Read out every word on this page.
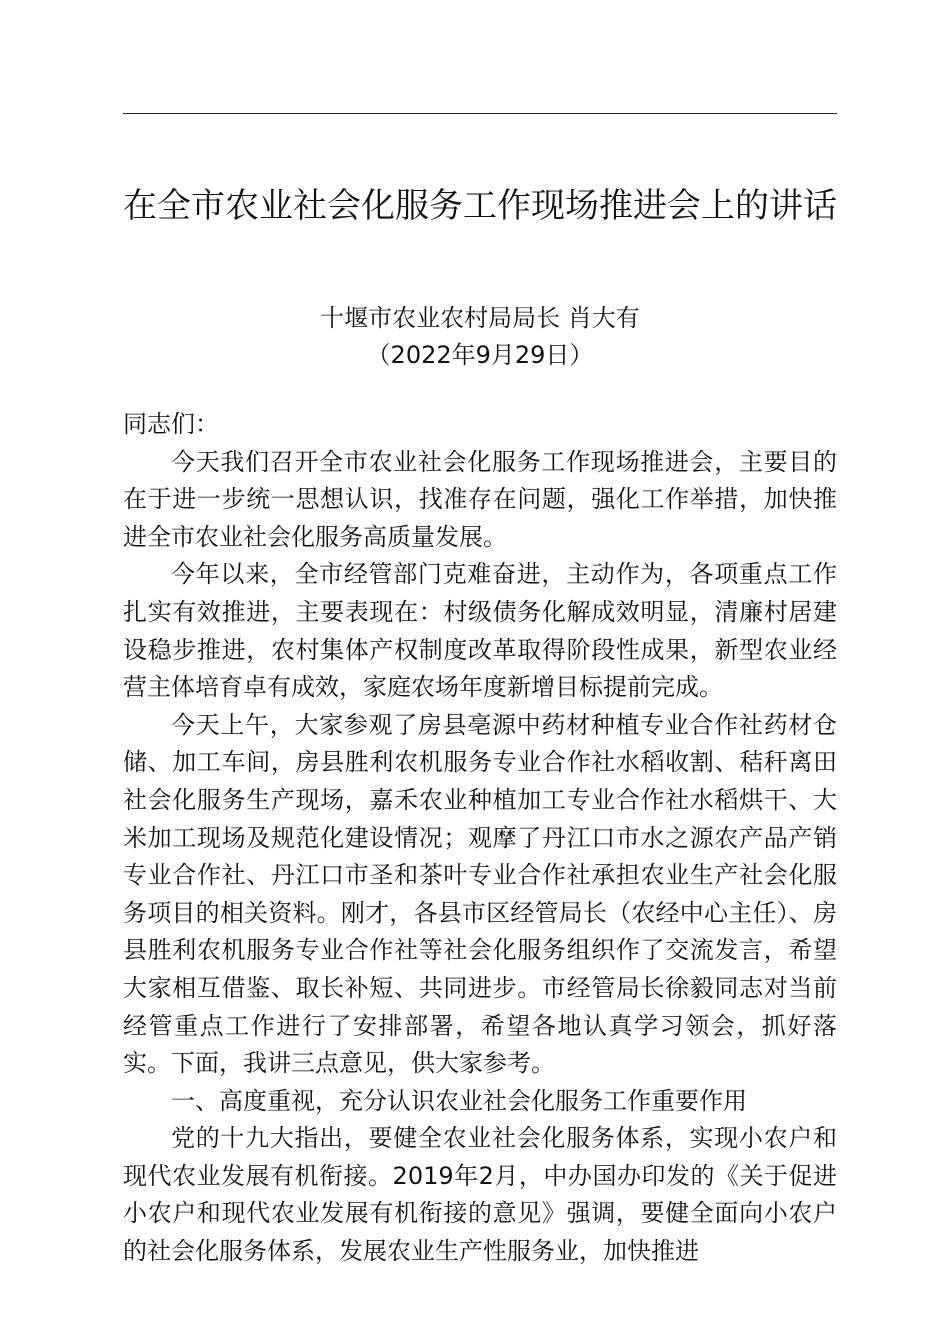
在全市农业社会化服务工作现场推进会上的讲话

十堰市农业农村局局长 肖大有

（2022年9月29日）

同志们：

今天我们召开全市农业社会化服务工作现场推进会，主要目的在于进一步统一思想认识，找准存在问题，强化工作举措，加快推进全市农业社会化服务高质量发展。

今年以来，全市经管部门克难奋进，主动作为，各项重点工作扎实有效推进，主要表现在：村级债务化解成效明显，清廉村居建设稳步推进，农村集体产权制度改革取得阶段性成果，新型农业经营主体培育卓有成效，家庭农场年度新增目标提前完成。

今天上午，大家参观了房县亳源中药材种植专业合作社药材仓储、加工车间，房县胜利农机服务专业合作社水稻收割、秸秆离田社会化服务生产现场，嘉禾农业种植加工专业合作社水稻烘干、大米加工现场及规范化建设情况；观摩了丹江口市水之源农产品产销专业合作社、丹江口市圣和茶叶专业合作社承担农业生产社会化服务项目的相关资料。刚才，各县市区经管局长（农经中心主任）、房县胜利农机服务专业合作社等社会化服务组织作了交流发言，希望大家相互借鉴、取长补短、共同进步。市经管局长徐毅同志对当前经管重点工作进行了安排部署，希望各地认真学习领会，抓好落实。下面，我讲三点意见，供大家参考。

一、高度重视，充分认识农业社会化服务工作重要作用

党的十九大指出，要健全农业社会化服务体系，实现小农户和现代农业发展有机衔接。2019年2月，中办国办印发的《关于促进小农户和现代农业发展有机衔接的意见》强调，要健全面向小农户的社会化服务体系，发展农业生产性服务业，加快推进
